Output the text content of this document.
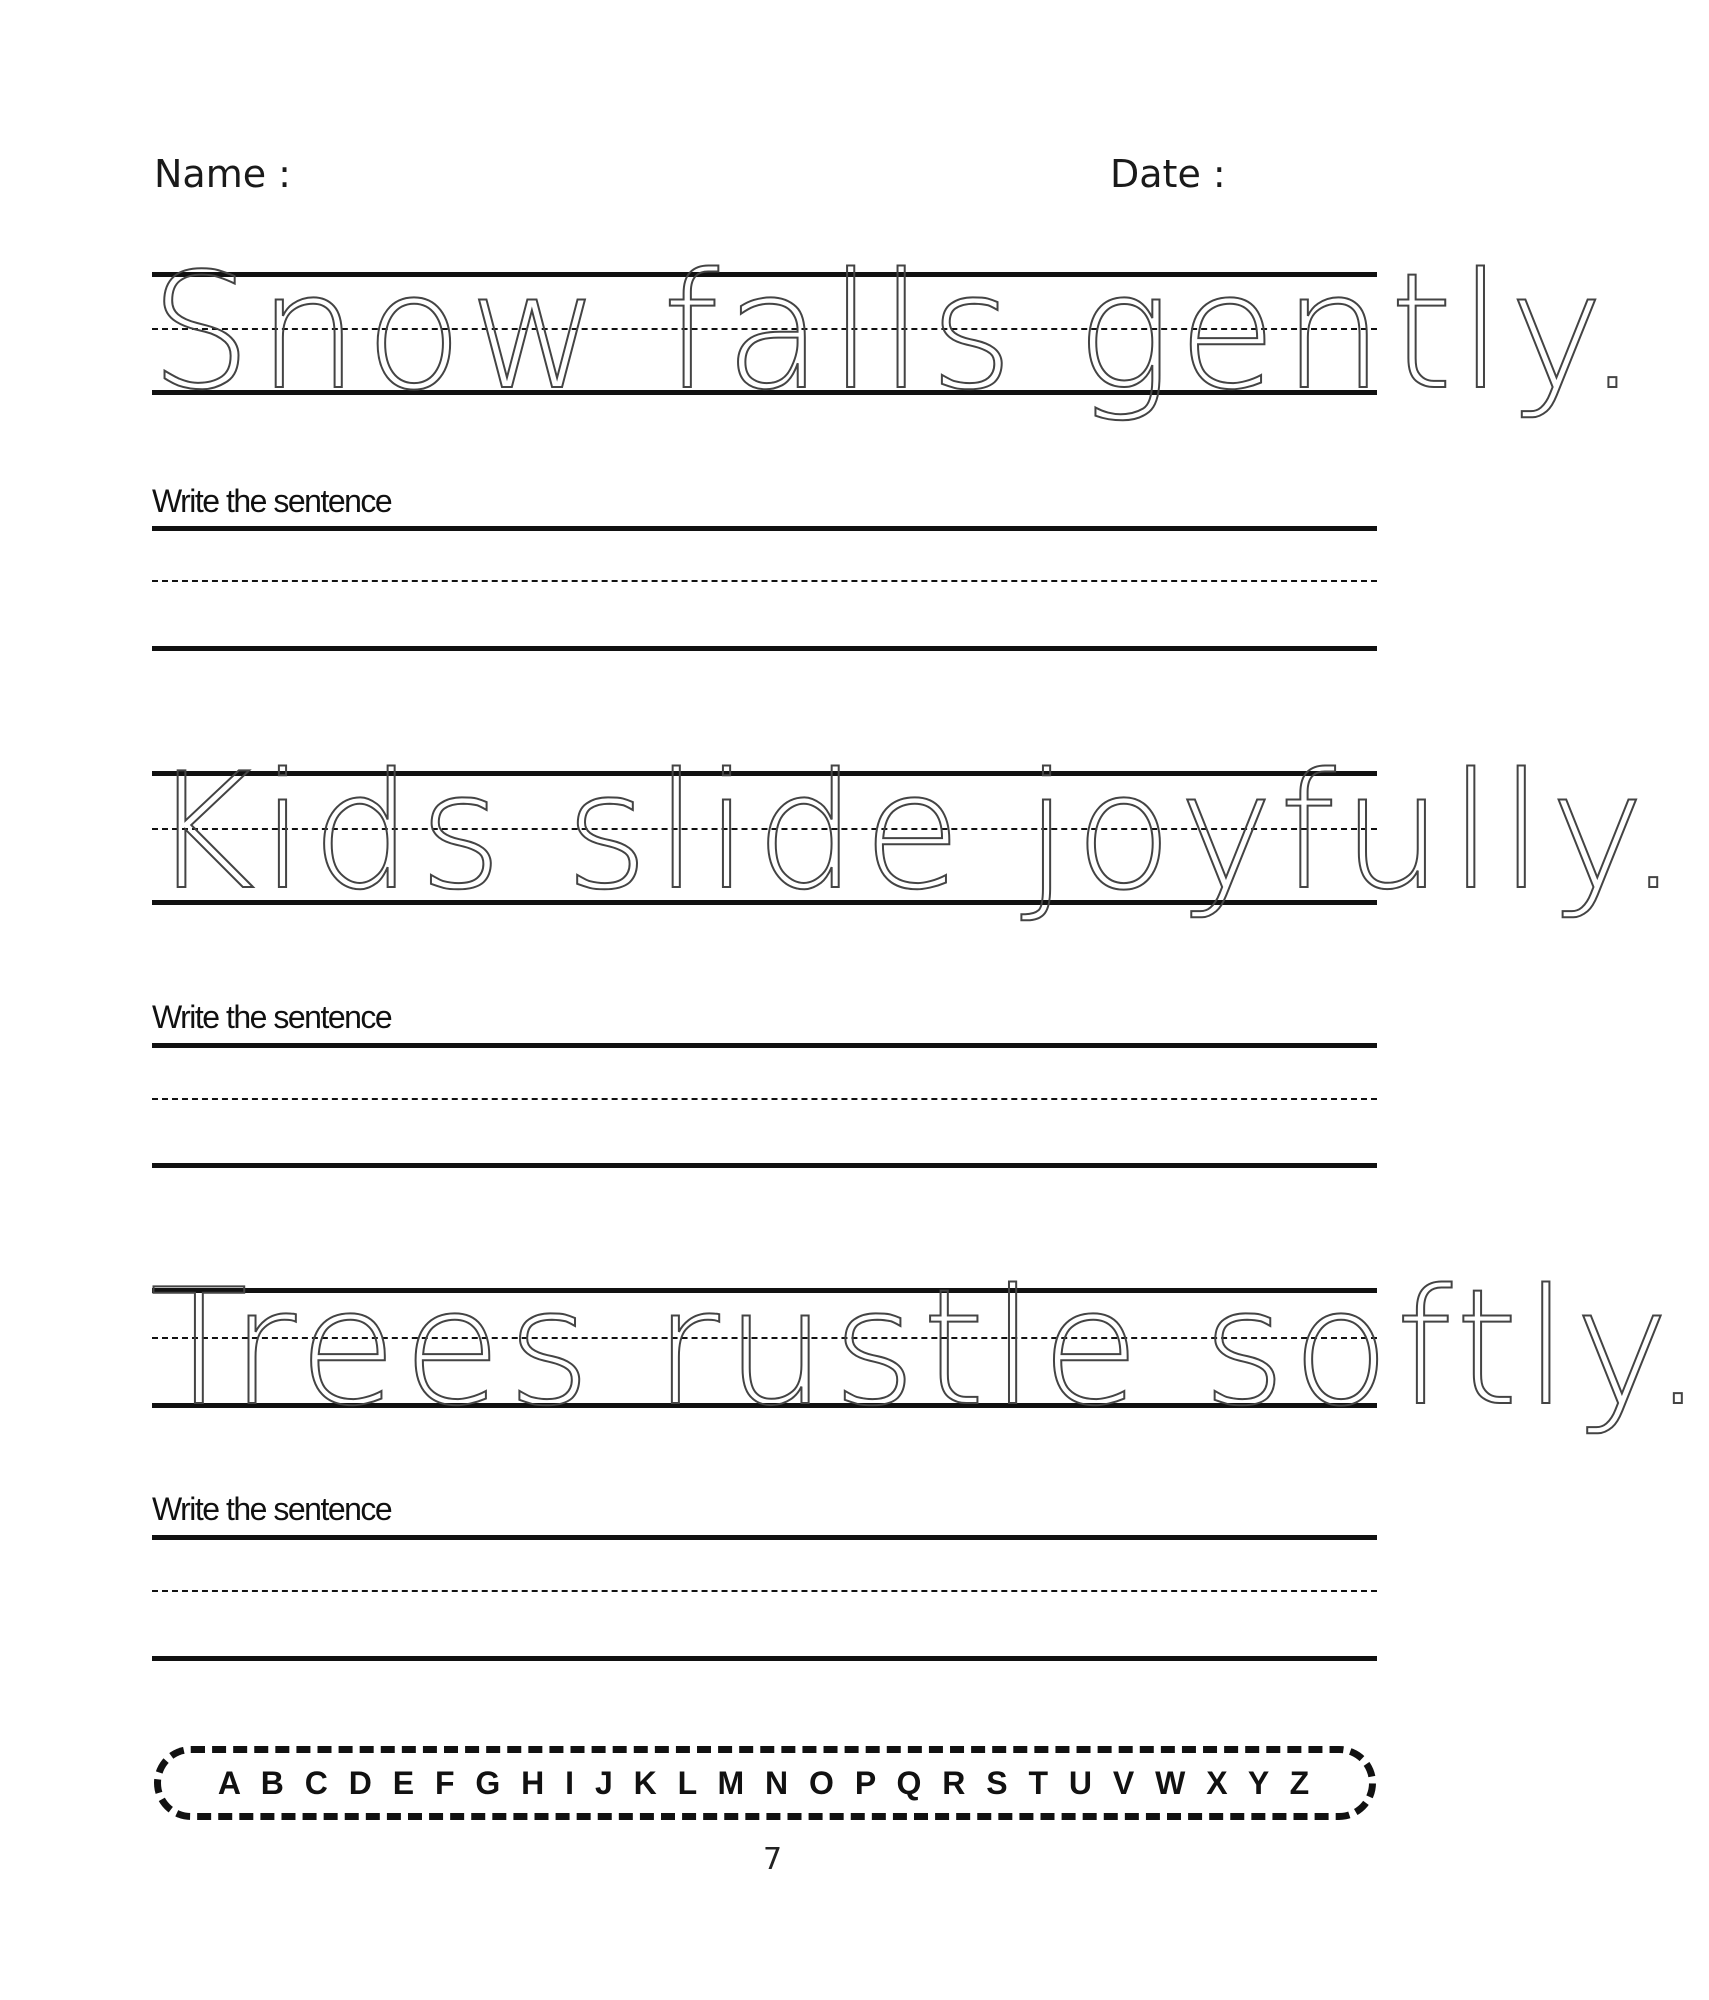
Name :	Date :
Snow falls gently.
Write the sentence
Kids slide joyfully.
Write the sentence
Trees rustle softly.
Write the sentence
A B C D E F G H I J K L M N O P Q R S T U V W X Y Z
7
